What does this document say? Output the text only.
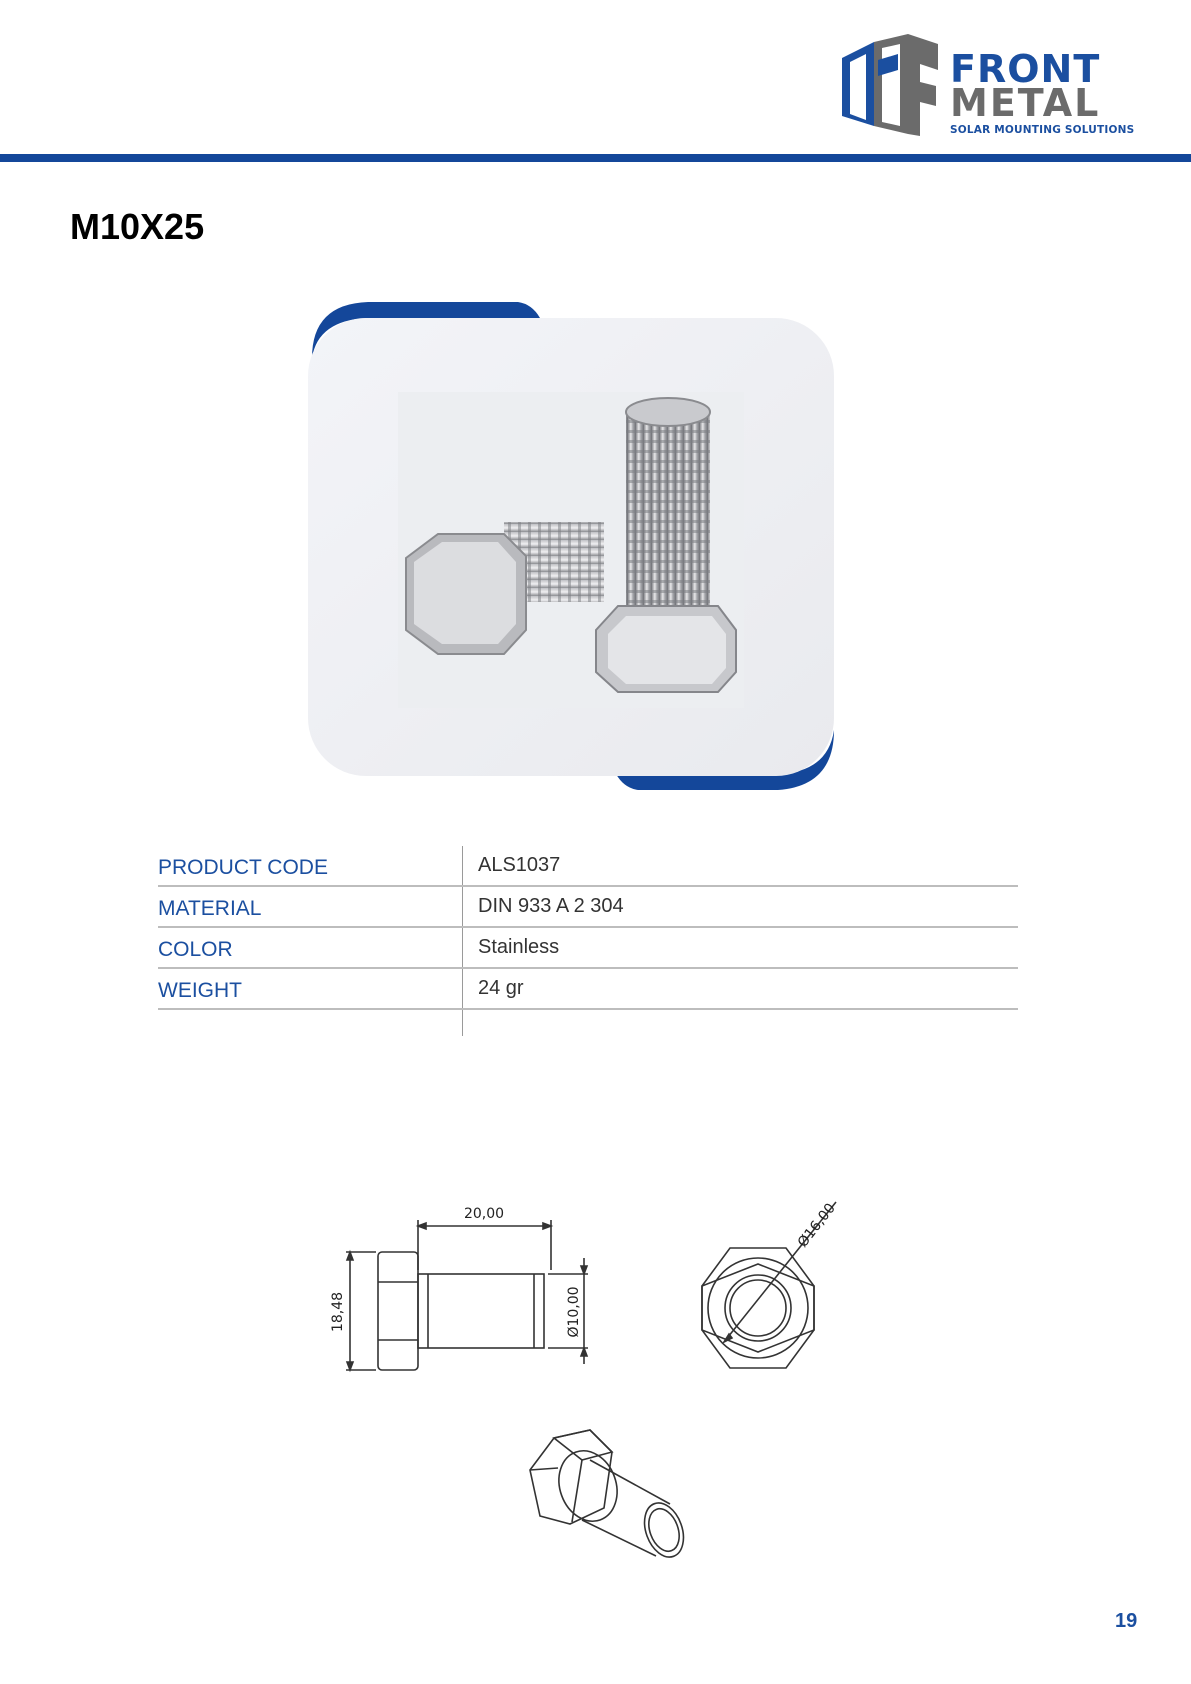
FRONT
METAL
SOLAR MOUNTING SOLUTIONS
M10X25
PRODUCT CODE	ALS1037
MATERIAL	DIN 933 A 2 304
COLOR	Stainless
WEIGHT	24 gr
20,00
18,48	Ø10,00
Ø16,00
19
